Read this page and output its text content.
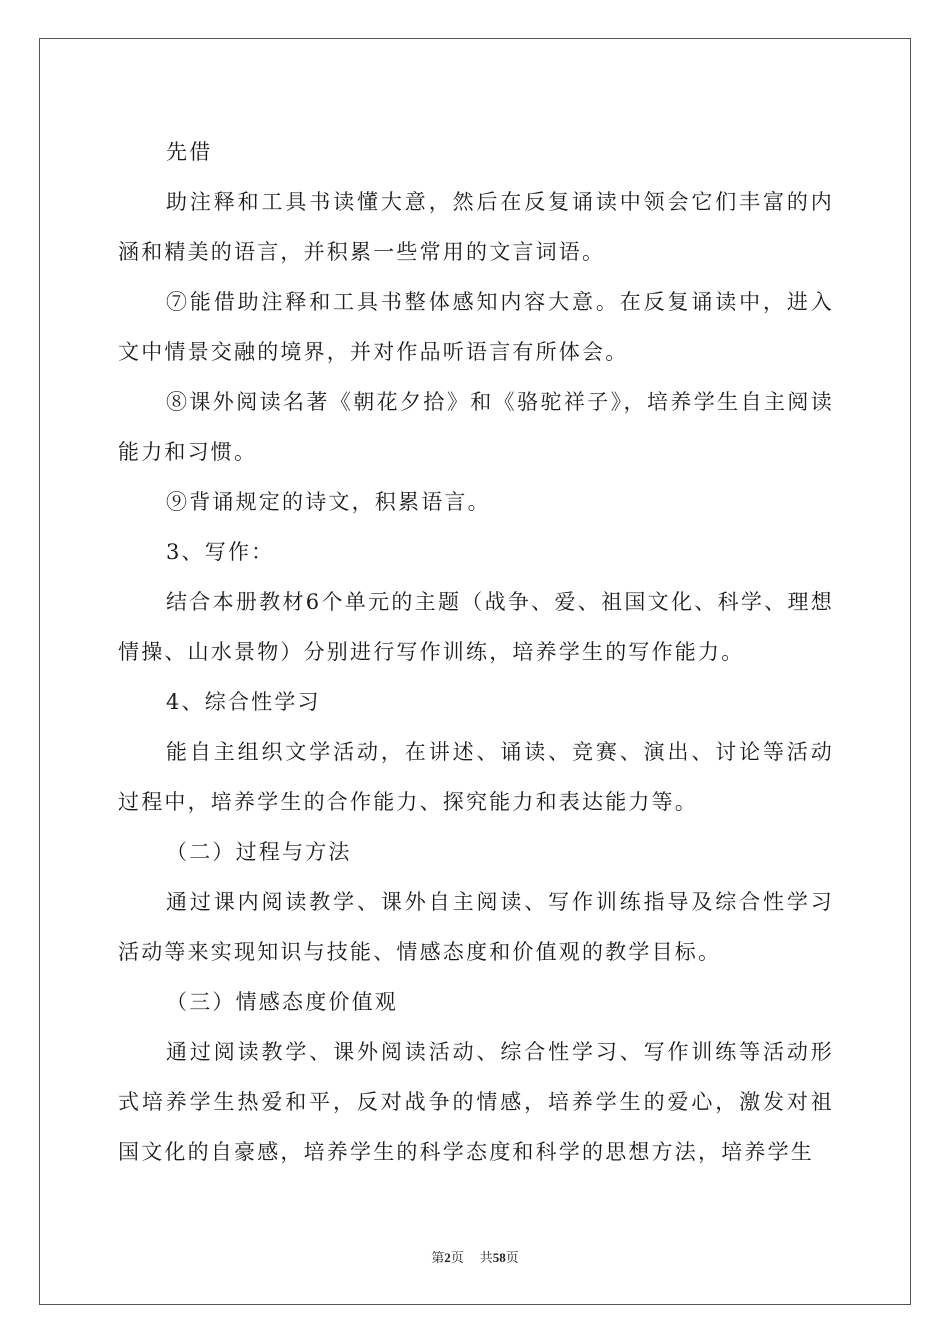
先借

助注释和工具书读懂大意，然后在反复诵读中领会它们丰富的内涵和精美的语言，并积累一些常用的文言词语。

⑦能借助注释和工具书整体感知内容大意。在反复诵读中，进入文中情景交融的境界，并对作品听语言有所体会。

⑧课外阅读名著《朝花夕拾》和《骆驼祥子》，培养学生自主阅读能力和习惯。

⑨背诵规定的诗文，积累语言。

3、写作：

结合本册教材6个单元的主题（战争、爱、祖国文化、科学、理想情操、山水景物）分别进行写作训练，培养学生的写作能力。

4、综合性学习

能自主组织文学活动，在讲述、诵读、竞赛、演出、讨论等活动过程中，培养学生的合作能力、探究能力和表达能力等。

（二）过程与方法

通过课内阅读教学、课外自主阅读、写作训练指导及综合性学习活动等来实现知识与技能、情感态度和价值观的教学目标。

（三）情感态度价值观

通过阅读教学、课外阅读活动、综合性学习、写作训练等活动形式培养学生热爱和平，反对战争的情感，培养学生的爱心，激发对祖国文化的自豪感，培养学生的科学态度和科学的思想方法，培养学生

第2页 共58页
